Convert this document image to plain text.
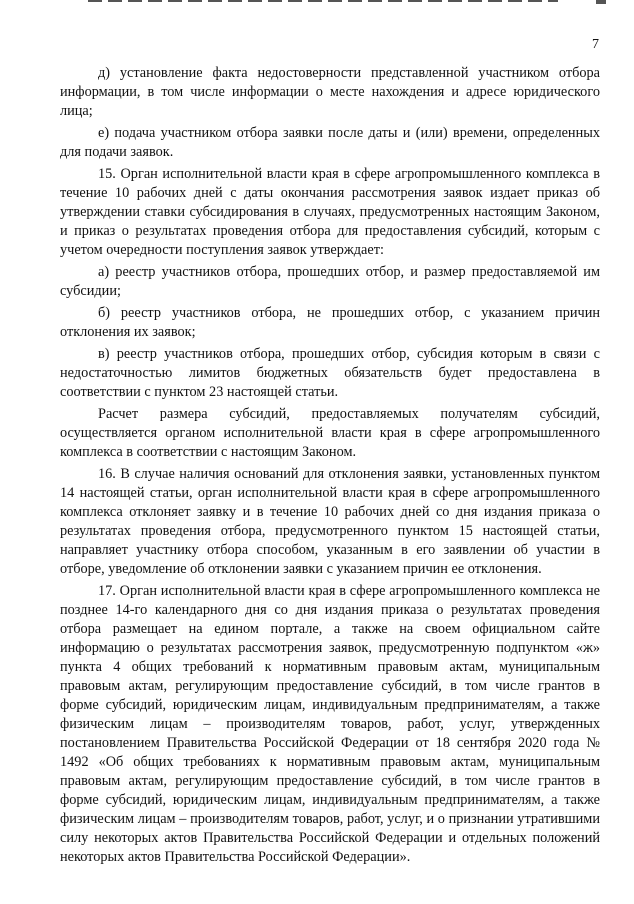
7

д) установление факта недостоверности представленной участником отбора информации, в том числе информации о месте нахождения и адресе юридического лица;

е) подача участником отбора заявки после даты и (или) времени, определенных для подачи заявок.

15. Орган исполнительной власти края в сфере агропромышленного комплекса в течение 10 рабочих дней с даты окончания рассмотрения заявок издает приказ об утверждении ставки субсидирования в случаях, предусмотренных настоящим Законом, и приказ о результатах проведения отбора для предоставления субсидий, которым с учетом очередности поступления заявок утверждает:

а) реестр участников отбора, прошедших отбор, и размер предоставляемой им субсидии;

б) реестр участников отбора, не прошедших отбор, с указанием причин отклонения их заявок;

в) реестр участников отбора, прошедших отбор, субсидия которым в связи с недостаточностью лимитов бюджетных обязательств будет предоставлена в соответствии с пунктом 23 настоящей статьи.

Расчет размера субсидий, предоставляемых получателям субсидий, осуществляется органом исполнительной власти края в сфере агропромышленного комплекса в соответствии с настоящим Законом.

16. В случае наличия оснований для отклонения заявки, установленных пунктом 14 настоящей статьи, орган исполнительной власти края в сфере агропромышленного комплекса отклоняет заявку и в течение 10 рабочих дней со дня издания приказа о результатах проведения отбора, предусмотренного пунктом 15 настоящей статьи, направляет участнику отбора способом, указанным в его заявлении об участии в отборе, уведомление об отклонении заявки с указанием причин ее отклонения.

17. Орган исполнительной власти края в сфере агропромышленного комплекса не позднее 14-го календарного дня со дня издания приказа о результатах проведения отбора размещает на едином портале, а также на своем официальном сайте информацию о результатах рассмотрения заявок, предусмотренную подпунктом «ж» пункта 4 общих требований к нормативным правовым актам, муниципальным правовым актам, регулирующим предоставление субсидий, в том числе грантов в форме субсидий, юридическим лицам, индивидуальным предпринимателям, а также физическим лицам – производителям товаров, работ, услуг, утвержденных постановлением Правительства Российской Федерации от 18 сентября 2020 года № 1492 «Об общих требованиях к нормативным правовым актам, муниципальным правовым актам, регулирующим предоставление субсидий, в том числе грантов в форме субсидий, юридическим лицам, индивидуальным предпринимателям, а также физическим лицам – производителям товаров, работ, услуг, и о признании утратившими силу некоторых актов Правительства Российской Федерации и отдельных положений некоторых актов Правительства Российской Федерации».
